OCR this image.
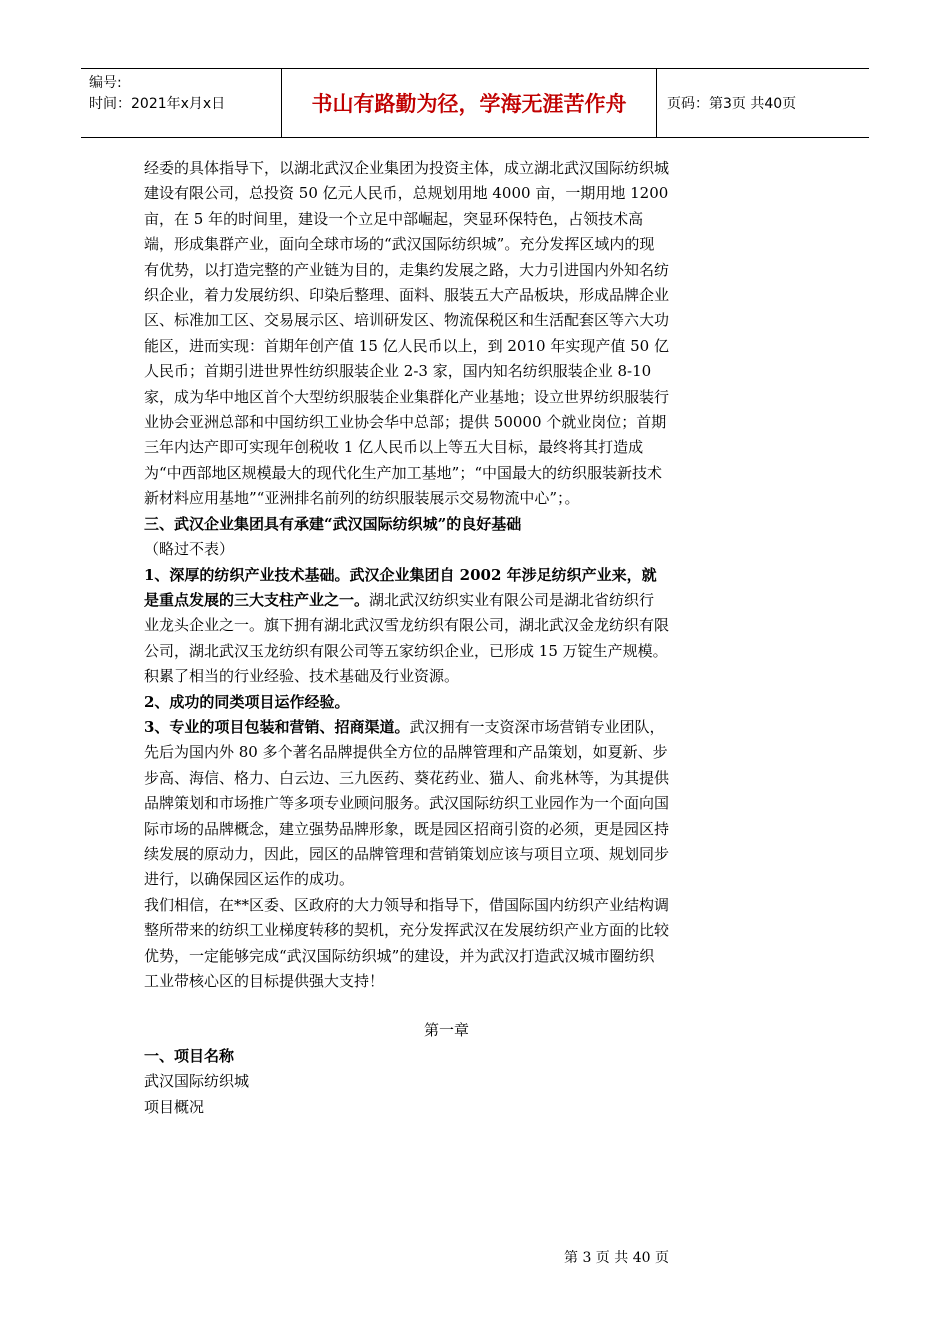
编号:
时间：2021年x月x日	书山有路勤为径，学海无涯苦作舟	页码：第3页 共40页

经委的具体指导下，以湖北武汉企业集团为投资主体，成立湖北武汉国际纺织城建设有限公司，总投资 50 亿元人民币，总规划用地 4000 亩，一期用地 1200 亩，在 5 年的时间里，建设一个立足中部崛起，突显环保特色，占领技术高端，形成集群产业，面向全球市场的“武汉国际纺织城”。充分发挥区域内的现有优势，以打造完整的产业链为目的，走集约发展之路，大力引进国内外知名纺织企业，着力发展纺织、印染后整理、面料、服装五大产品板块，形成品牌企业区、标准加工区、交易展示区、培训研发区、物流保税区和生活配套区等六大功能区，进而实现：首期年创产值 15 亿人民币以上，到 2010 年实现产值 50 亿人民币；首期引进世界性纺织服装企业 2-3 家，国内知名纺织服装企业 8-10 家，成为华中地区首个大型纺织服装企业集群化产业基地；设立世界纺织服装行业协会亚洲总部和中国纺织工业协会华中总部；提供 50000 个就业岗位；首期三年内达产即可实现年创税收 1 亿人民币以上等五大目标，最终将其打造成为“中西部地区规模最大的现代化生产加工基地”；“中国最大的纺织服装新技术新材料应用基地”“亚洲排名前列的纺织服装展示交易物流中心”；。

三、武汉企业集团具有承建“武汉国际纺织城”的良好基础

（略过不表）

1、深厚的纺织产业技术基础。武汉企业集团自 2002 年涉足纺织产业来，就是重点发展的三大支柱产业之一。湖北武汉纺织实业有限公司是湖北省纺织行业龙头企业之一。旗下拥有湖北武汉雪龙纺织有限公司，湖北武汉金龙纺织有限公司，湖北武汉玉龙纺织有限公司等五家纺织企业，已形成 15 万锭生产规模。积累了相当的行业经验、技术基础及行业资源。

2、成功的同类项目运作经验。

3、专业的项目包装和营销、招商渠道。武汉拥有一支资深市场营销专业团队，先后为国内外 80 多个著名品牌提供全方位的品牌管理和产品策划，如夏新、步步高、海信、格力、白云边、三九医药、葵花药业、猫人、俞兆林等，为其提供品牌策划和市场推广等多项专业顾问服务。武汉国际纺织工业园作为一个面向国际市场的品牌概念，建立强势品牌形象，既是园区招商引资的必须，更是园区持续发展的原动力，因此，园区的品牌管理和营销策划应该与项目立项、规划同步进行，以确保园区运作的成功。

我们相信，在**区委、区政府的大力领导和指导下，借国际国内纺织产业结构调整所带来的纺织工业梯度转移的契机，充分发挥武汉在发展纺织产业方面的比较优势，一定能够完成“武汉国际纺织城”的建设，并为武汉打造武汉城市圈纺织工业带核心区的目标提供强大支持！

第一章

一、项目名称

武汉国际纺织城

项目概况

第 3 页 共 40 页
